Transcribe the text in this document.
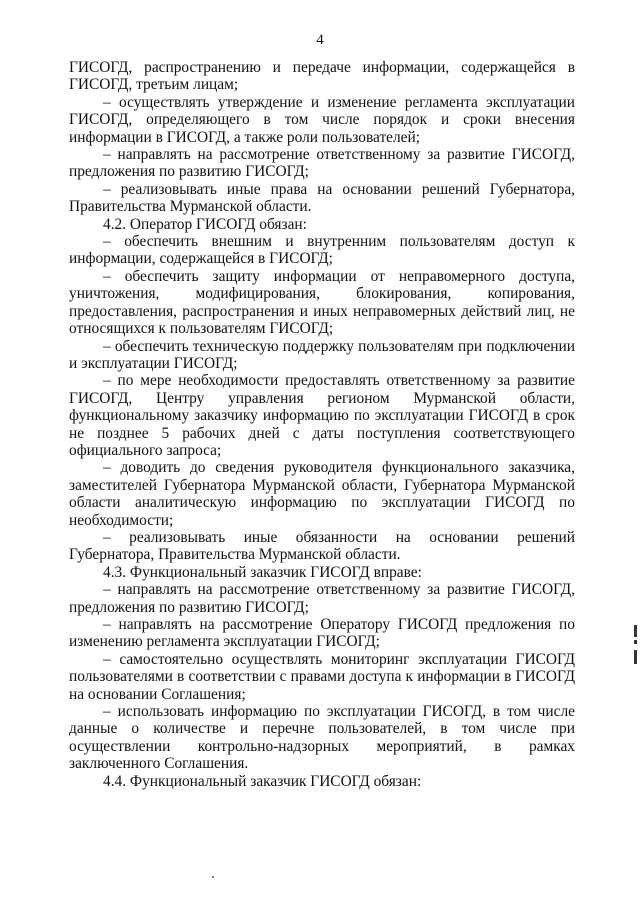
4

ГИСОГД, распространению и передаче информации, содержащейся в ГИСОГД, третьим лицам;

– осуществлять утверждение и изменение регламента эксплуатации ГИСОГД, определяющего в том числе порядок и сроки внесения информации в ГИСОГД, а также роли пользователей;

– направлять на рассмотрение ответственному за развитие ГИСОГД, предложения по развитию ГИСОГД;

– реализовывать иные права на основании решений Губернатора, Правительства Мурманской области.

4.2. Оператор ГИСОГД обязан:

– обеспечить внешним и внутренним пользователям доступ к информации, содержащейся в ГИСОГД;

– обеспечить защиту информации от неправомерного доступа, уничтожения, модифицирования, блокирования, копирования, предоставления, распространения и иных неправомерных действий лиц, не относящихся к пользователям ГИСОГД;

– обеспечить техническую поддержку пользователям при подключении и эксплуатации ГИСОГД;

– по мере необходимости предоставлять ответственному за развитие ГИСОГД, Центру управления регионом Мурманской области, функциональному заказчику информацию по эксплуатации ГИСОГД в срок не позднее 5 рабочих дней с даты поступления соответствующего официального запроса;

– доводить до сведения руководителя функционального заказчика, заместителей Губернатора Мурманской области, Губернатора Мурманской области аналитическую информацию по эксплуатации ГИСОГД по необходимости;

– реализовывать иные обязанности на основании решений Губернатора, Правительства Мурманской области.

4.3. Функциональный заказчик ГИСОГД вправе:

– направлять на рассмотрение ответственному за развитие ГИСОГД, предложения по развитию ГИСОГД;

– направлять на рассмотрение Оператору ГИСОГД предложения по изменению регламента эксплуатации ГИСОГД;

– самостоятельно осуществлять мониторинг эксплуатации ГИСОГД пользователями в соответствии с правами доступа к информации в ГИСОГД на основании Соглашения;

– использовать информацию по эксплуатации ГИСОГД, в том числе данные о количестве и перечне пользователей, в том числе при осуществлении контрольно-надзорных мероприятий, в рамках заключенного Соглашения.

4.4. Функциональный заказчик ГИСОГД обязан:
